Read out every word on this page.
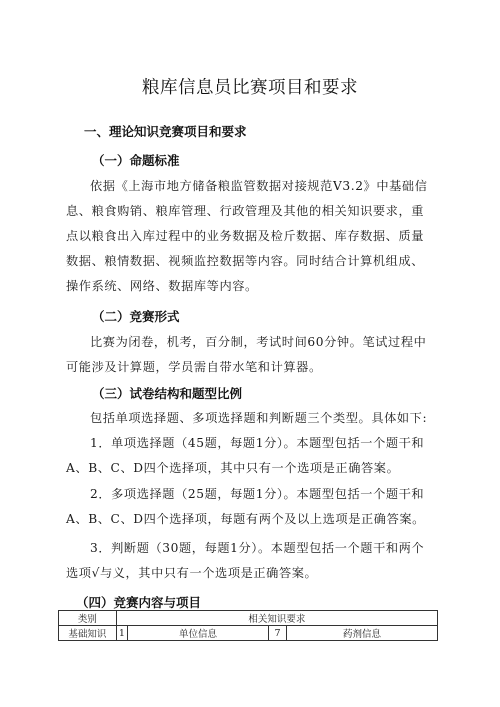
粮库信息员比赛项目和要求
一、理论知识竞赛项目和要求
（一）命题标准
依据《上海市地方储备粮监管数据对接规范V3.2》中基础信息、粮食购销、粮库管理、行政管理及其他的相关知识要求，重点以粮食出入库过程中的业务数据及检斤数据、库存数据、质量数据、粮情数据、视频监控数据等内容。同时结合计算机组成、操作系统、网络、数据库等内容。
（二）竞赛形式
比赛为闭卷，机考，百分制，考试时间60分钟。笔试过程中可能涉及计算题，学员需自带水笔和计算器。
（三）试卷结构和题型比例
包括单项选择题、多项选择题和判断题三个类型。具体如下:
1．单项选择题（45题，每题1分）。本题型包括一个题干和A、B、C、D四个选择项，其中只有一个选项是正确答案。
2．多项选择题（25题，每题1分）。本题型包括一个题干和A、B、C、D四个选择项，每题有两个及以上选项是正确答案。
3．判断题（30题，每题1分）。本题型包括一个题干和两个选项√与义，其中只有一个选项是正确答案。
（四）竞赛内容与项目
类别	相关知识要求			
基础知识	1	单位信息	7	药剂信息
